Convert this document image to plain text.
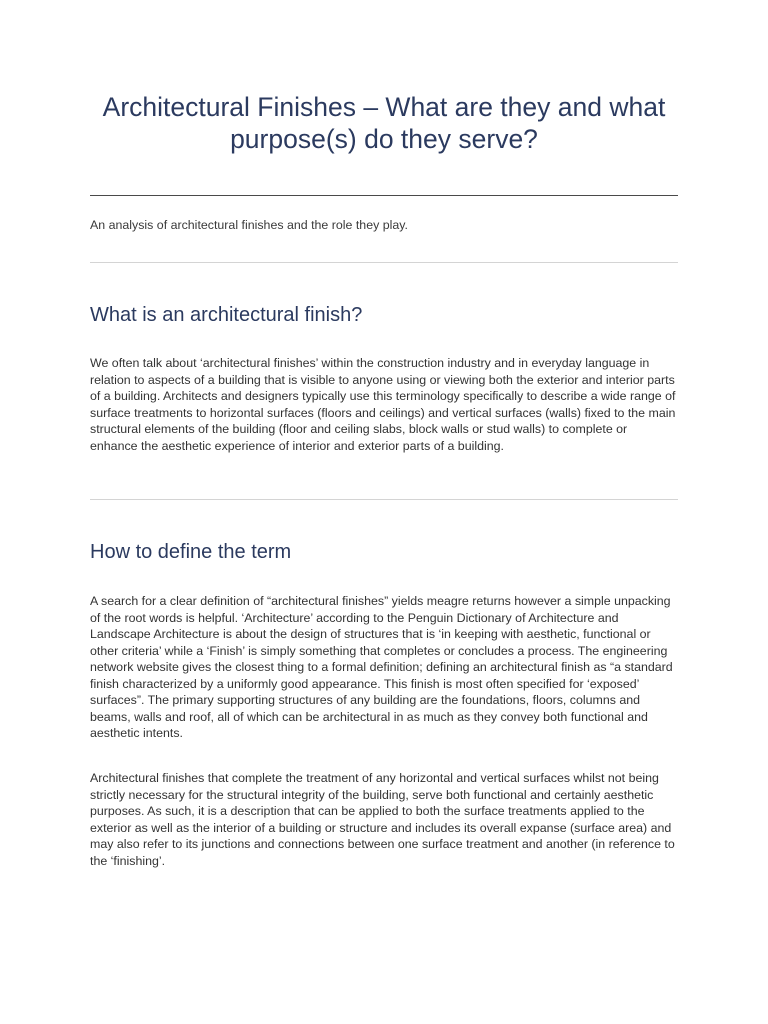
Architectural Finishes – What are they and what purpose(s) do they serve?

An analysis of architectural finishes and the role they play.

What is an architectural finish?

We often talk about ‘architectural finishes’ within the construction industry and in everyday language in relation to aspects of a building that is visible to anyone using or viewing both the exterior and interior parts of a building. Architects and designers typically use this terminology specifically to describe a wide range of surface treatments to horizontal surfaces (floors and ceilings) and vertical surfaces (walls) fixed to the main structural elements of the building (floor and ceiling slabs, block walls or stud walls) to complete or enhance the aesthetic experience of interior and exterior parts of a building.

How to define the term

A search for a clear definition of “architectural finishes” yields meagre returns however a simple unpacking of the root words is helpful. ‘Architecture’ according to the Penguin Dictionary of Architecture and Landscape Architecture is about the design of structures that is ‘in keeping with aesthetic, functional or other criteria’ while a ‘Finish’ is simply something that completes or concludes a process. The engineering network website gives the closest thing to a formal definition; defining an architectural finish as “a standard finish characterized by a uniformly good appearance. This finish is most often specified for ‘exposed’ surfaces”. The primary supporting structures of any building are the foundations, floors, columns and beams, walls and roof, all of which can be architectural in as much as they convey both functional and aesthetic intents.

Architectural finishes that complete the treatment of any horizontal and vertical surfaces whilst not being strictly necessary for the structural integrity of the building, serve both functional and certainly aesthetic purposes. As such, it is a description that can be applied to both the surface treatments applied to the exterior as well as the interior of a building or structure and includes its overall expanse (surface area) and may also refer to its junctions and connections between one surface treatment and another (in reference to the ‘finishing’.
